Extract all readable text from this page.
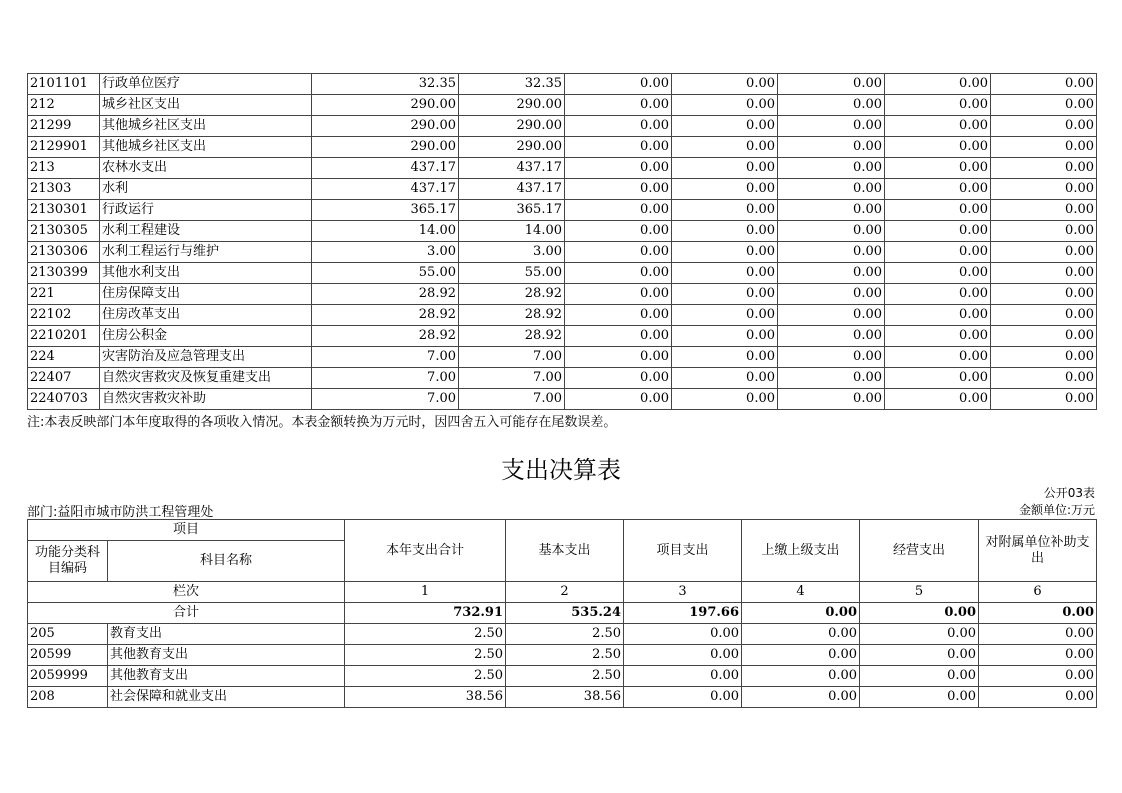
2101101	行政单位医疗	32.35	32.35	0.00	0.00	0.00	0.00	0.00
212	城乡社区支出	290.00	290.00	0.00	0.00	0.00	0.00	0.00
21299	其他城乡社区支出	290.00	290.00	0.00	0.00	0.00	0.00	0.00
2129901	其他城乡社区支出	290.00	290.00	0.00	0.00	0.00	0.00	0.00
213	农林水支出	437.17	437.17	0.00	0.00	0.00	0.00	0.00
21303	水利	437.17	437.17	0.00	0.00	0.00	0.00	0.00
2130301	行政运行	365.17	365.17	0.00	0.00	0.00	0.00	0.00
2130305	水利工程建设	14.00	14.00	0.00	0.00	0.00	0.00	0.00
2130306	水利工程运行与维护	3.00	3.00	0.00	0.00	0.00	0.00	0.00
2130399	其他水利支出	55.00	55.00	0.00	0.00	0.00	0.00	0.00
221	住房保障支出	28.92	28.92	0.00	0.00	0.00	0.00	0.00
22102	住房改革支出	28.92	28.92	0.00	0.00	0.00	0.00	0.00
2210201	住房公积金	28.92	28.92	0.00	0.00	0.00	0.00	0.00
224	灾害防治及应急管理支出	7.00	7.00	0.00	0.00	0.00	0.00	0.00
22407	自然灾害救灾及恢复重建支出	7.00	7.00	0.00	0.00	0.00	0.00	0.00
2240703	自然灾害救灾补助	7.00	7.00	0.00	0.00	0.00	0.00	0.00
注:本表反映部门本年度取得的各项收入情况。本表金额转换为万元时，因四舍五入可能存在尾数误差。
支出决算表
公开03表
部门:益阳市城市防洪工程管理处	金额单位:万元
项目		本年支出合计	基本支出	项目支出	上缴上级支出	经营支出	对附属单位补助支出
功能分类科目编码	科目名称						
栏次		1	2	3	4	5	6
合计		732.91	535.24	197.66	0.00	0.00	0.00
205	教育支出	2.50	2.50	0.00	0.00	0.00	0.00
20599	其他教育支出	2.50	2.50	0.00	0.00	0.00	0.00
2059999	其他教育支出	2.50	2.50	0.00	0.00	0.00	0.00
208	社会保障和就业支出	38.56	38.56	0.00	0.00	0.00	0.00
